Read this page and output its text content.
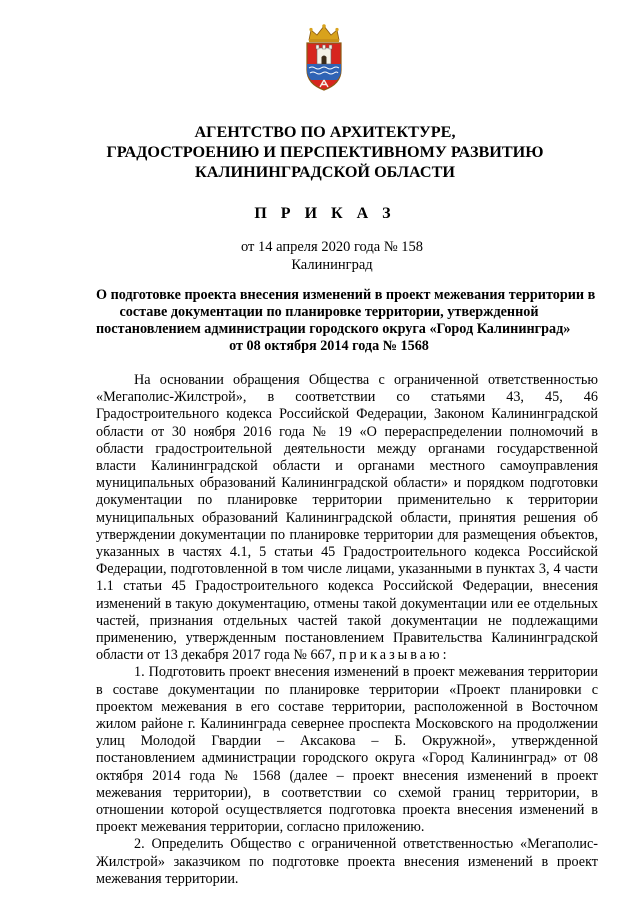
АГЕНТСТВО ПО АРХИТЕКТУРЕ,
ГРАДОСТРОЕНИЮ И ПЕРСПЕКТИВНОМУ РАЗВИТИЮ
КАЛИНИНГРАДСКОЙ ОБЛАСТИ
П Р И К А З
от 14 апреля 2020 года № 158
Калининград
О подготовке проекта внесения изменений в проект межевания территории в
составе документации по планировке территории, утвержденной
постановлением администрации городского округа «Город Калининград»
от 08 октября 2014 года № 1568

На основании обращения Общества с ограниченной ответственностью «Мегаполис-Жилстрой», в соответствии со статьями 43, 45, 46 Градостроительного кодекса Российской Федерации, Законом Калининградской области от 30 ноября 2016 года № 19 «О перераспределении полномочий в области градостроительной деятельности между органами государственной власти Калининградской области и органами местного самоуправления муниципальных образований Калининградской области» и порядком подготовки документации по планировке территории применительно к территории муниципальных образований Калининградской области, принятия решения об утверждении документации по планировке территории для размещения объектов, указанных в частях 4.1, 5 статьи 45 Градостроительного кодекса Российской Федерации, подготовленной в том числе лицами, указанными в пунктах 3, 4 части 1.1 статьи 45 Градостроительного кодекса Российской Федерации, внесения изменений в такую документацию, отмены такой документации или ее отдельных частей, признания отдельных частей такой документации не подлежащими применению, утвержденным постановлением Правительства Калининградской области от 13 декабря 2017 года № 667, приказываю:

1. Подготовить проект внесения изменений в проект межевания территории в составе документации по планировке территории «Проект планировки с проектом межевания в его составе территории, расположенной в Восточном жилом районе г. Калининграда севернее проспекта Московского на продолжении улиц Молодой Гвардии – Аксакова – Б. Окружной», утвержденной постановлением администрации городского округа «Город Калининград» от 08 октября 2014 года № 1568 (далее – проект внесения изменений в проект межевания территории), в соответствии со схемой границ территории, в отношении которой осуществляется подготовка проекта внесения изменений в проект межевания территории, согласно приложению.

2. Определить Общество с ограниченной ответственностью «Мегаполис-Жилстрой» заказчиком по подготовке проекта внесения изменений в проект межевания территории.
